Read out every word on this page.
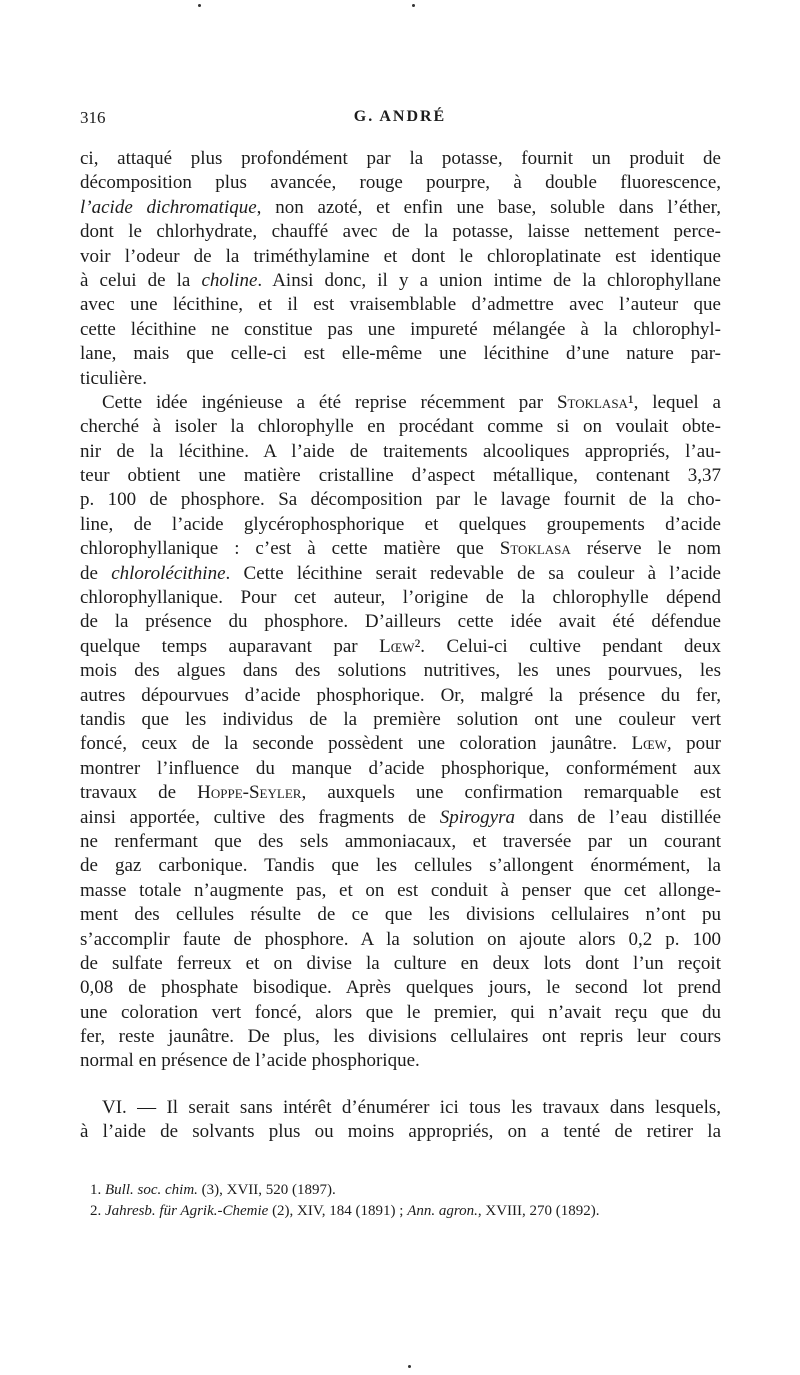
316	G. ANDRÉ
ci, attaqué plus profondément par la potasse, fournit un produit de
décomposition plus avancée, rouge pourpre, à double fluorescence,
l’acide dichromatique, non azoté, et enfin une base, soluble dans l’éther,
dont le chlorhydrate, chauffé avec de la potasse, laisse nettement perce-
voir l’odeur de la triméthylamine et dont le chloroplatinate est identique
à celui de la choline. Ainsi donc, il y a union intime de la chlorophyllane
avec une lécithine, et il est vraisemblable d’admettre avec l’auteur que
cette lécithine ne constitue pas une impureté mélangée à la chlorophyl-
lane, mais que celle-ci est elle-même une lécithine d’une nature par-
ticulière.
Cette idée ingénieuse a été reprise récemment par Stoklasa¹, lequel a
cherché à isoler la chlorophylle en procédant comme si on voulait obte-
nir de la lécithine. A l’aide de traitements alcooliques appropriés, l’au-
teur obtient une matière cristalline d’aspect métallique, contenant 3,37
p. 100 de phosphore. Sa décomposition par le lavage fournit de la cho-
line, de l’acide glycérophosphorique et quelques groupements d’acide
chlorophyllanique : c’est à cette matière que Stoklasa réserve le nom
de chlorolécithine. Cette lécithine serait redevable de sa couleur à l’acide
chlorophyllanique. Pour cet auteur, l’origine de la chlorophylle dépend
de la présence du phosphore. D’ailleurs cette idée avait été défendue
quelque temps auparavant par Lœw². Celui-ci cultive pendant deux
mois des algues dans des solutions nutritives, les unes pourvues, les
autres dépourvues d’acide phosphorique. Or, malgré la présence du fer,
tandis que les individus de la première solution ont une couleur vert
foncé, ceux de la seconde possèdent une coloration jaunâtre. Lœw, pour
montrer l’influence du manque d’acide phosphorique, conformément aux
travaux de Hoppe-Seyler, auxquels une confirmation remarquable est
ainsi apportée, cultive des fragments de Spirogyra dans de l’eau distillée
ne renfermant que des sels ammoniacaux, et traversée par un courant
de gaz carbonique. Tandis que les cellules s’allongent énormément, la
masse totale n’augmente pas, et on est conduit à penser que cet allonge-
ment des cellules résulte de ce que les divisions cellulaires n’ont pu
s’accomplir faute de phosphore. A la solution on ajoute alors 0,2 p. 100
de sulfate ferreux et on divise la culture en deux lots dont l’un reçoit
0,08 de phosphate bisodique. Après quelques jours, le second lot prend
une coloration vert foncé, alors que le premier, qui n’avait reçu que du
fer, reste jaunâtre. De plus, les divisions cellulaires ont repris leur cours
normal en présence de l’acide phosphorique.
VI. — Il serait sans intérêt d’énumérer ici tous les travaux dans lesquels,
à l’aide de solvants plus ou moins appropriés, on a tenté de retirer la
1. Bull. soc. chim. (3), XVII, 520 (1897).
2. Jahresb. für Agrik.-Chemie (2), XIV, 184 (1891) ; Ann. agron., XVIII, 270 (1892).
